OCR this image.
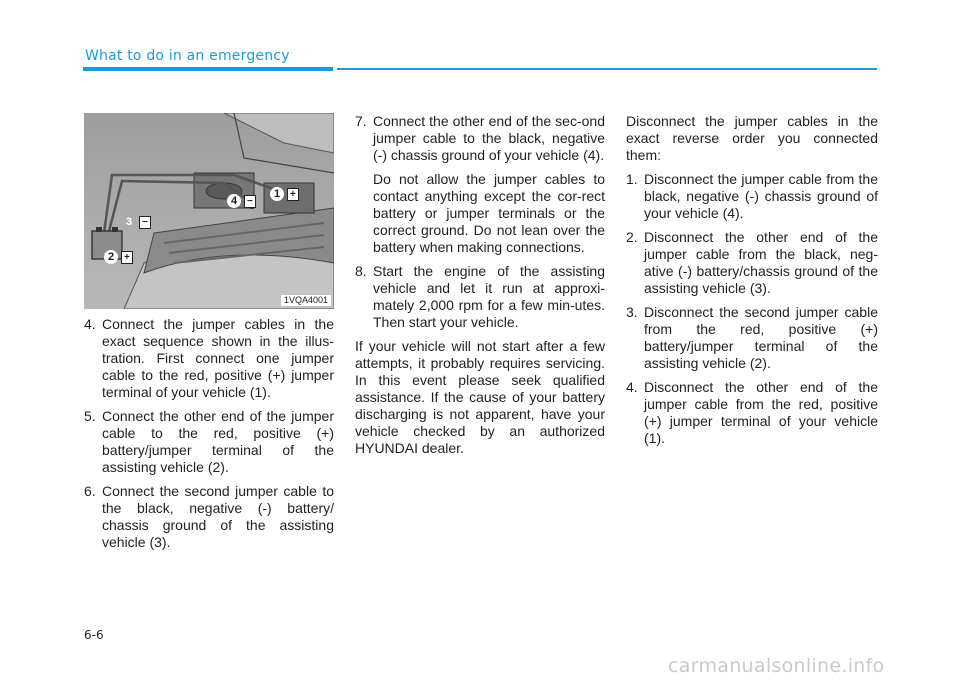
What to do in an emergency
1 +
2 +
3 −
4 −
1VQA4001
4. Connect the jumper cables in the exact sequence shown in the illus-tration. First connect one jumper cable to the red, positive (+) jumper terminal of your vehicle (1).
5. Connect the other end of the jumper cable to the red, positive (+) battery/jumper terminal of the assisting vehicle (2).
6. Connect the second jumper cable to the black, negative (-) battery/ chassis ground of the assisting vehicle (3).
7. Connect the other end of the sec-ond jumper cable to the black, negative (-) chassis ground of your vehicle (4).
Do not allow the jumper cables to contact anything except the cor-rect battery or jumper terminals or the correct ground. Do not lean over the battery when making connections.
8. Start the engine of the assisting vehicle and let it run at approxi-mately 2,000 rpm for a few min-utes. Then start your vehicle.
If your vehicle will not start after a few attempts, it probably requires servicing. In this event please seek qualified assistance. If the cause of your battery discharging is not apparent, have your vehicle checked by an authorized HYUNDAI dealer.
Disconnect the jumper cables in the exact reverse order you connected them:
1. Disconnect the jumper cable from the black, negative (-) chassis ground of your vehicle (4).
2. Disconnect the other end of the jumper cable from the black, neg-ative (-) battery/chassis ground of the assisting vehicle (3).
3. Disconnect the second jumper cable from the red, positive (+) battery/jumper terminal of the assisting vehicle (2).
4. Disconnect the other end of the jumper cable from the red, positive (+) jumper terminal of your vehicle (1).
6-6
carmanualsonline.info
